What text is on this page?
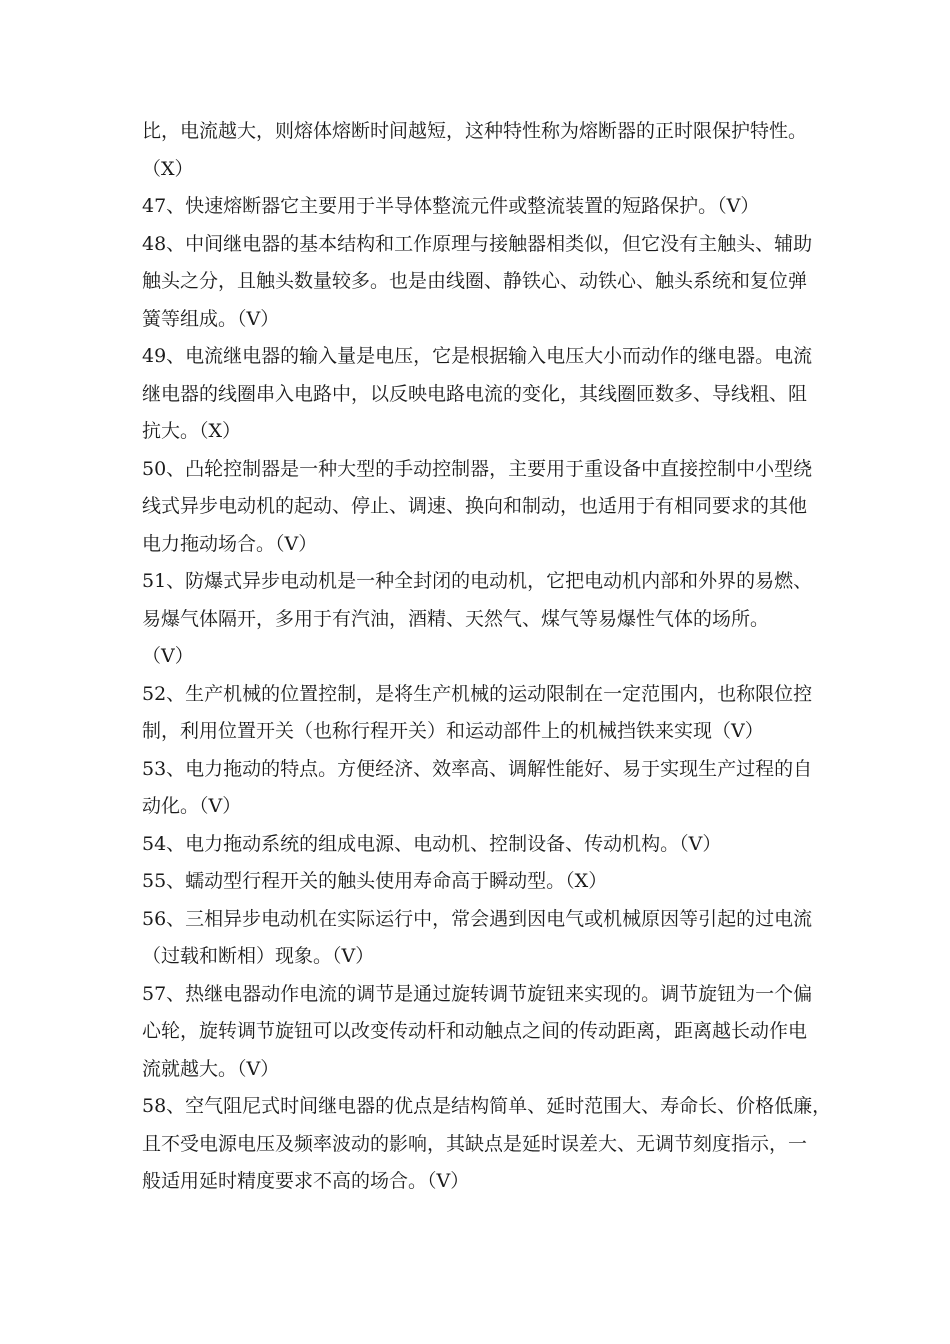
比，电流越大，则熔体熔断时间越短，这种特性称为熔断器的正时限保护特性。
（X）
47、快速熔断器它主要用于半导体整流元件或整流装置的短路保护。（V）
48、中间继电器的基本结构和工作原理与接触器相类似，但它没有主触头、辅助
触头之分，且触头数量较多。也是由线圈、静铁心、动铁心、触头系统和复位弹
簧等组成。（V）
49、电流继电器的输入量是电压，它是根据输入电压大小而动作的继电器。电流
继电器的线圈串入电路中，以反映电路电流的变化，其线圈匝数多、导线粗、阻
抗大。（X）
50、凸轮控制器是一种大型的手动控制器，主要用于重设备中直接控制中小型绕
线式异步电动机的起动、停止、调速、换向和制动，也适用于有相同要求的其他
电力拖动场合。（V）
51、防爆式异步电动机是一种全封闭的电动机，它把电动机内部和外界的易燃、
易爆气体隔开，多用于有汽油，酒精、天然气、煤气等易爆性气体的场所。
（V）
52、生产机械的位置控制，是将生产机械的运动限制在一定范围内，也称限位控
制，利用位置开关（也称行程开关）和运动部件上的机械挡铁来实现（V）
53、电力拖动的特点。方便经济、效率高、调解性能好、易于实现生产过程的自
动化。（V）
54、电力拖动系统的组成电源、电动机、控制设备、传动机构。（V）
55、蠕动型行程开关的触头使用寿命高于瞬动型。（X）
56、三相异步电动机在实际运行中，常会遇到因电气或机械原因等引起的过电流
（过载和断相）现象。（V）
57、热继电器动作电流的调节是通过旋转调节旋钮来实现的。调节旋钮为一个偏
心轮，旋转调节旋钮可以改变传动杆和动触点之间的传动距离，距离越长动作电
流就越大。（V）
58、空气阻尼式时间继电器的优点是结构简单、延时范围大、寿命长、价格低廉，
且不受电源电压及频率波动的影响，其缺点是延时误差大、无调节刻度指示，一
般适用延时精度要求不高的场合。（V）
